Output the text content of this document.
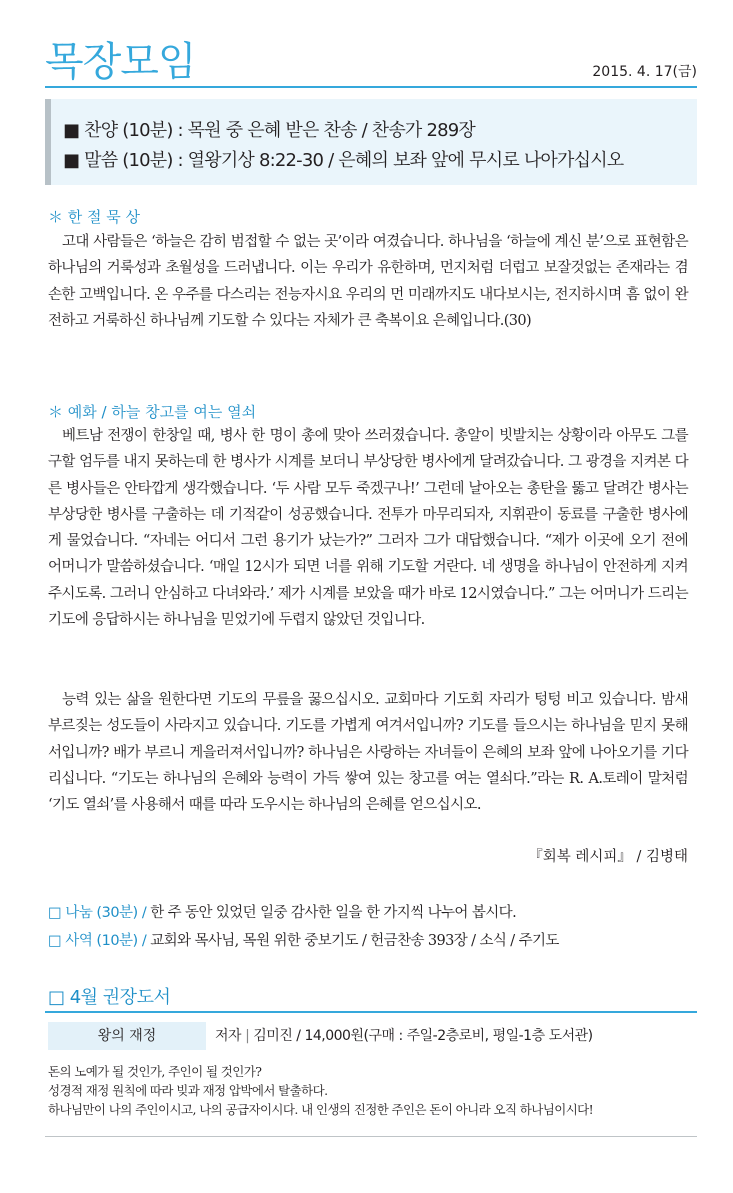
목장모임	2015. 4. 17(금)
■ 찬양 (10분) : 목원 중 은혜 받은 찬송 / 찬송가 289장
■ 말씀 (10분) : 열왕기상 8:22-30 / 은혜의 보좌 앞에 무시로 나아가십시오
＊ 한 절 묵 상

고대 사람들은 ‘하늘은 감히 범접할 수 없는 곳’이라 여겼습니다. 하나님을 ‘하늘에 계신 분’으로 표현함은 하나님의 거룩성과 초월성을 드러냅니다. 이는 우리가 유한하며, 먼지처럼 더럽고 보잘것없는 존재라는 겸손한 고백입니다. 온 우주를 다스리는 전능자시요 우리의 먼 미래까지도 내다보시는, 전지하시며 흠 없이 완전하고 거룩하신 하나님께 기도할 수 있다는 자체가 큰 축복이요 은혜입니다.(30)

＊ 예화 / 하늘 창고를 여는 열쇠

베트남 전쟁이 한창일 때, 병사 한 명이 총에 맞아 쓰러졌습니다. 총알이 빗발치는 상황이라 아무도 그를 구할 엄두를 내지 못하는데 한 병사가 시계를 보더니 부상당한 병사에게 달려갔습니다. 그 광경을 지켜본 다른 병사들은 안타깝게 생각했습니다. ‘두 사람 모두 죽겠구나!’ 그런데 날아오는 총탄을 뚫고 달려간 병사는 부상당한 병사를 구출하는 데 기적같이 성공했습니다. 전투가 마무리되자, 지휘관이 동료를 구출한 병사에게 물었습니다. “자네는 어디서 그런 용기가 났는가?” 그러자 그가 대답했습니다. “제가 이곳에 오기 전에 어머니가 말씀하셨습니다. ‘매일 12시가 되면 너를 위해 기도할 거란다. 네 생명을 하나님이 안전하게 지켜 주시도록. 그러니 안심하고 다녀와라.’ 제가 시계를 보았을 때가 바로 12시였습니다.” 그는 어머니가 드리는 기도에 응답하시는 하나님을 믿었기에 두렵지 않았던 것입니다.

능력 있는 삶을 원한다면 기도의 무릎을 꿇으십시오. 교회마다 기도회 자리가 텅텅 비고 있습니다. 밤새 부르짖는 성도들이 사라지고 있습니다. 기도를 가볍게 여겨서입니까? 기도를 들으시는 하나님을 믿지 못해서입니까? 배가 부르니 게을러져서입니까? 하나님은 사랑하는 자녀들이 은혜의 보좌 앞에 나아오기를 기다리십니다. “기도는 하나님의 은혜와 능력이 가득 쌓여 있는 창고를 여는 열쇠다.”라는 R. A.토레이 말처럼 ‘기도 열쇠’를 사용해서 때를 따라 도우시는 하나님의 은혜를 얻으십시오.

『회복 레시피』 / 김병태
□ 나눔 (30분) / 한 주 동안 있었던 일중 감사한 일을 한 가지씩 나누어 봅시다.
□ 사역 (10분) / 교회와 목사님, 목원 위한 중보기도 / 헌금찬송 393장 / 소식 / 주기도
□ 4월 권장도서
왕의 재정	저자 | 김미진 / 14,000원(구매 : 주일-2층로비, 평일-1층 도서관)
돈의 노예가 될 것인가, 주인이 될 것인가?
성경적 재정 원칙에 따라 빚과 재정 압박에서 탈출하다.
하나님만이 나의 주인이시고, 나의 공급자이시다. 내 인생의 진정한 주인은 돈이 아니라 오직 하나님이시다!
